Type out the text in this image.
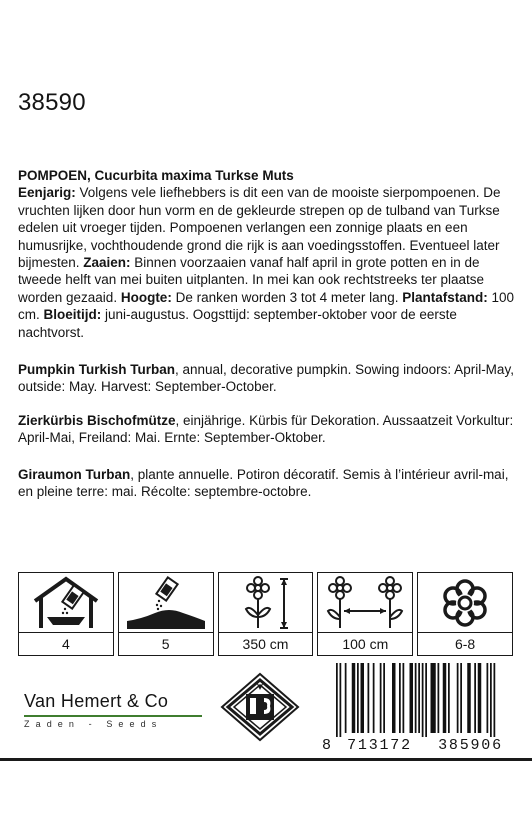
38590
POMPOEN, Cucurbita maxima Turkse Muts
Eenjarig: Volgens vele liefhebbers is dit een van de mooiste sierpompoenen. De vruchten lijken door hun vorm en de gekleurde strepen op de tulband van Turkse edelen uit vroeger tijden. Pompoenen verlangen een zonnige plaats en een humusrijke, vochthoudende grond die rijk is aan voedingsstoffen. Eventueel later bijmesten. Zaaien: Binnen voorzaaien vanaf half april in grote potten en in de tweede helft van mei buiten uitplanten. In mei kan ook rechtstreeks ter plaatse worden gezaaid. Hoogte: De ranken worden 3 tot 4 meter lang. Plantafstand: 100 cm. Bloeitijd: juni-augustus. Oogsttijd: september-oktober voor de eerste nachtvorst.
Pumpkin Turkish Turban, annual, decorative pumpkin. Sowing indoors: April-May, outside: May. Harvest: September-October.
Zierkürbis Bischofmütze, einjährige. Kürbis für Dekoration. Aussaatzeit Vorkultur: April-Mai, Freiland: Mai. Ernte: September-Oktober.
Giraumon Turban, plante annuelle. Potiron décoratif. Semis à l’intérieur avril-mai, en pleine terre: mai. Récolte: septembre-octobre.
4	5	350 cm	100 cm	6-8
Van Hemert & Co
Zaden - Seeds
8	713172	385906
